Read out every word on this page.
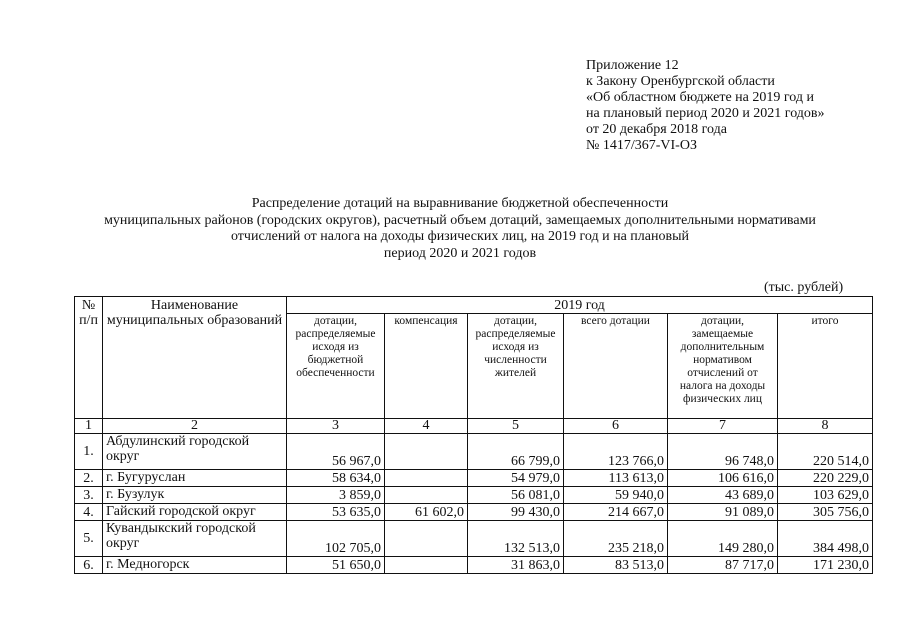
Приложение 12
к Закону Оренбургской области
«Об областном бюджете на 2019 год и
на плановый период 2020 и 2021 годов»
от 20 декабря 2018 года
№ 1417/367-VI-ОЗ
Распределение дотаций на выравнивание бюджетной обеспеченности
муниципальных районов (городских округов), расчетный объем дотаций, замещаемых дополнительными нормативами
отчислений от налога на доходы физических лиц, на 2019 год и на плановый
период 2020 и 2021 годов
(тыс. рублей)
№ п/п	Наименование муниципальных образований	2019 год					
		дотации, распределяемые исходя из бюджетной обеспеченности	компенсация	дотации, распределяемые исходя из численности жителей	всего дотации	дотации, замещаемые дополнительным нормативом отчислений от налога на доходы физических лиц	итого
1	2	3	4	5	6	7	8
1.	Абдулинский городской округ	56 967,0		66 799,0	123 766,0	96 748,0	220 514,0
2.	г. Бугуруслан	58 634,0		54 979,0	113 613,0	106 616,0	220 229,0
3.	г. Бузулук	3 859,0		56 081,0	59 940,0	43 689,0	103 629,0
4.	Гайский городской округ	53 635,0	61 602,0	99 430,0	214 667,0	91 089,0	305 756,0
5.	Кувандыкский городской округ	102 705,0		132 513,0	235 218,0	149 280,0	384 498,0
6.	г. Медногорск	51 650,0		31 863,0	83 513,0	87 717,0	171 230,0
